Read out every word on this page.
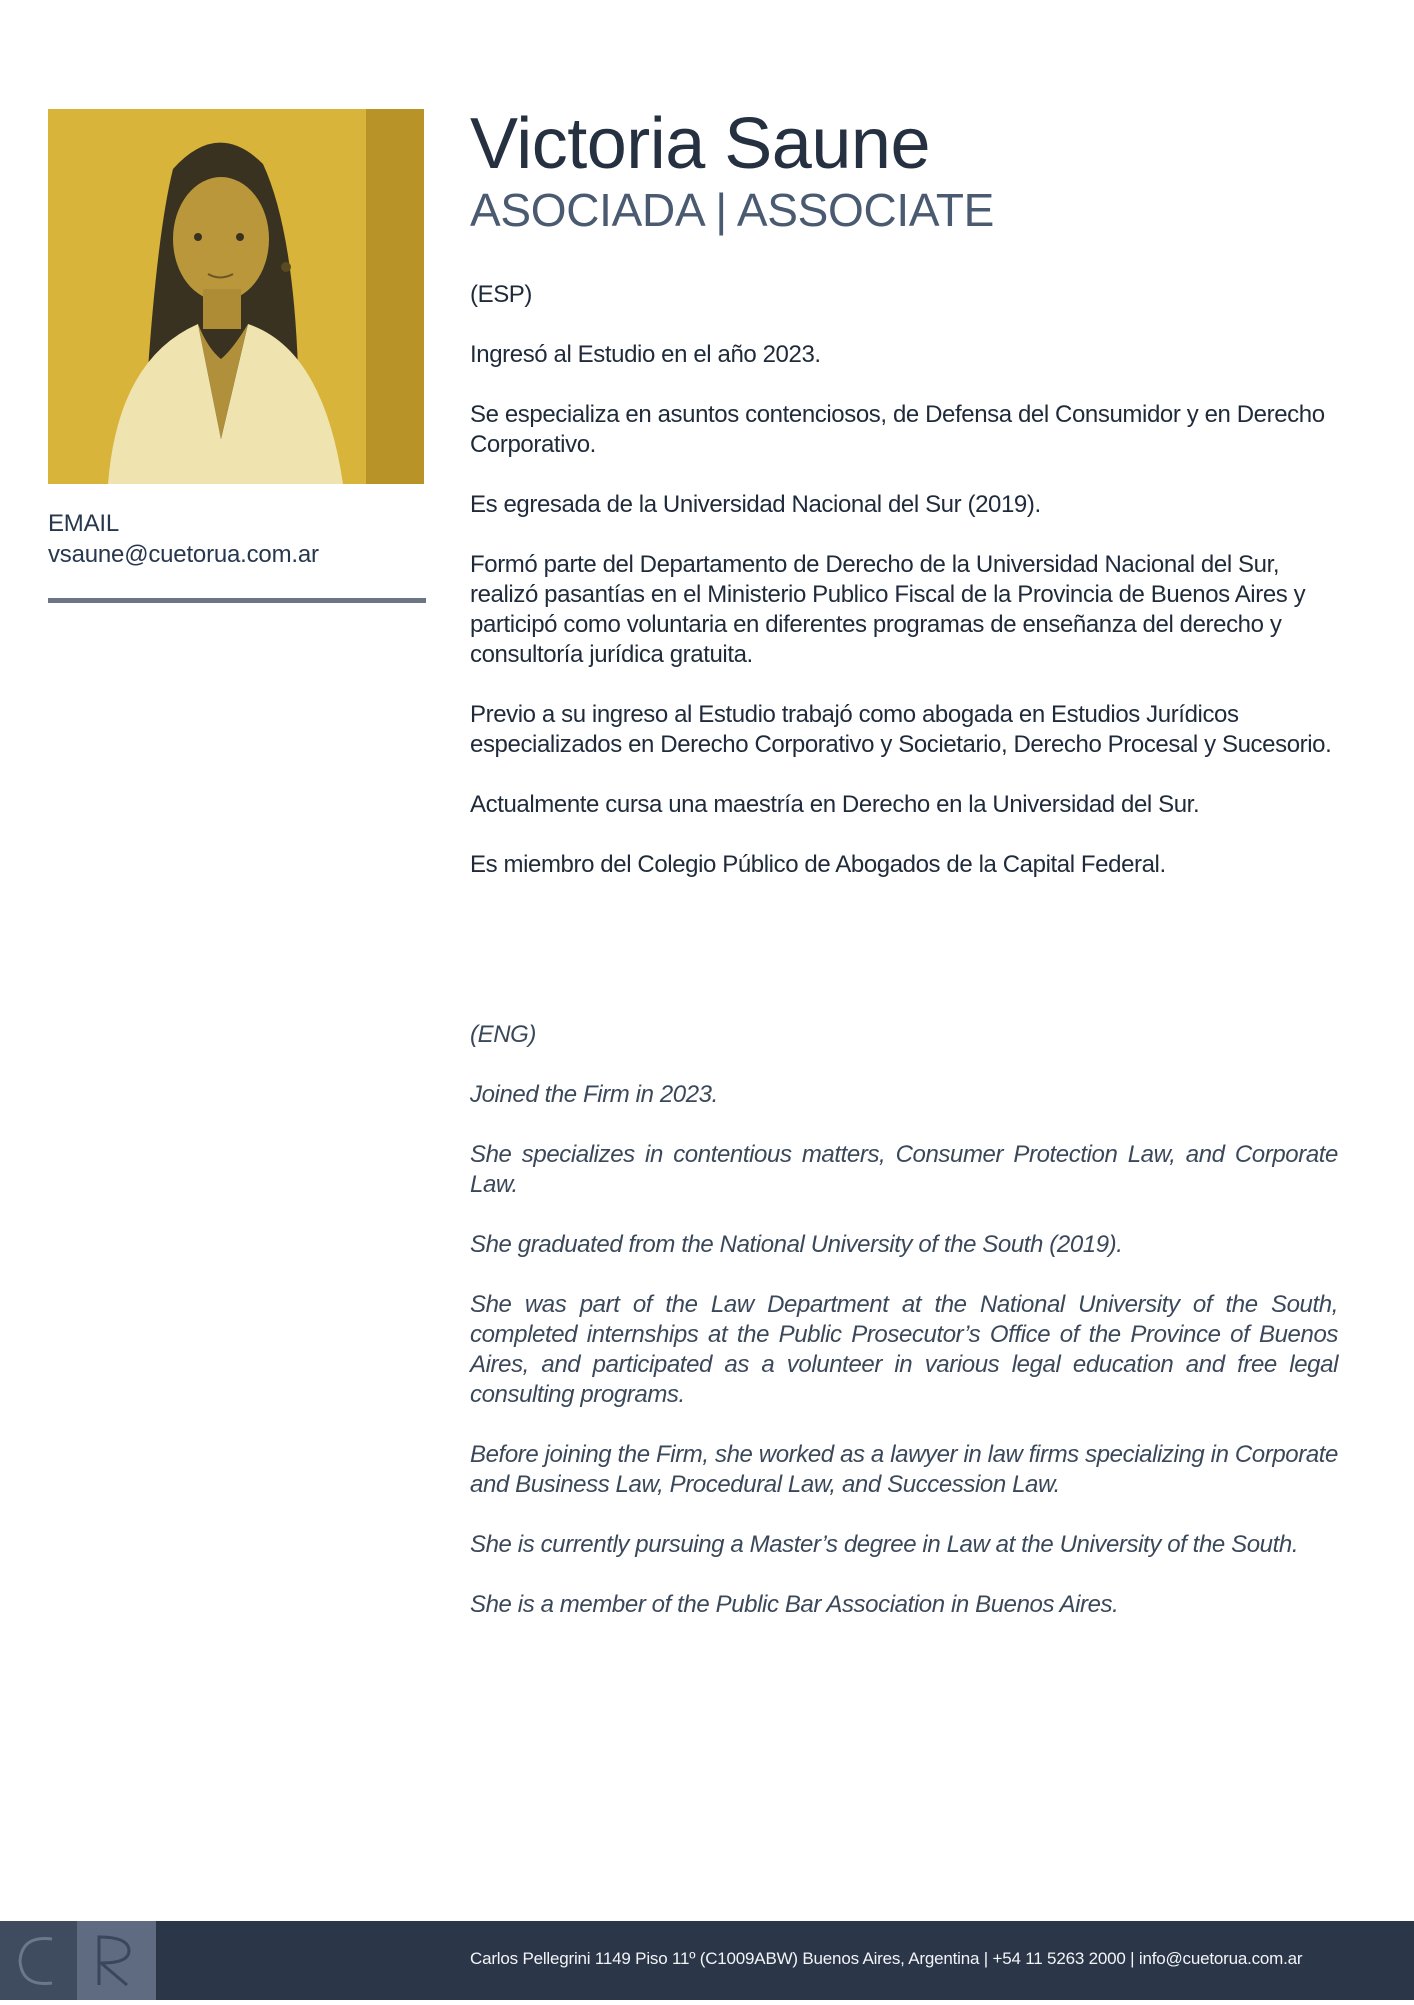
EMAIL
vsaune@cuetorua.com.ar
Victoria Saune
ASOCIADA | ASSOCIATE

(ESP)

Ingresó al Estudio en el año 2023.

Se especializa en asuntos contenciosos, de Defensa del Consumidor y en Derecho Corporativo.

Es egresada de la Universidad Nacional del Sur (2019).

Formó parte del Departamento de Derecho de la Universidad Nacional del Sur, realizó pasantías en el Ministerio Publico Fiscal de la Provincia de Buenos Aires y participó como voluntaria en diferentes programas de enseñanza del derecho y consultoría jurídica gratuita.

Previo a su ingreso al Estudio trabajó como abogada en Estudios Jurídicos especializados en Derecho Corporativo y Societario, Derecho Procesal y Sucesorio.

Actualmente cursa una maestría en Derecho en la Universidad del Sur.

Es miembro del Colegio Público de Abogados de la Capital Federal.

(ENG)

Joined the Firm in 2023.

She specializes in contentious matters, Consumer Protection Law, and Corporate Law.

She graduated from the National University of the South (2019).

She was part of the Law Department at the National University of the South, completed internships at the Public Prosecutor’s Office of the Province of Buenos Aires, and participated as a volunteer in various legal education and free legal consulting programs.

Before joining the Firm, she worked as a lawyer in law firms specializing in Corporate and Business Law, Procedural Law, and Succession Law.

She is currently pursuing a Master’s degree in Law at the University of the South.

She is a member of the Public Bar Association in Buenos Aires.

Carlos Pellegrini 1149 Piso 11º (C1009ABW) Buenos Aires, Argentina | +54 11 5263 2000 | info@cuetorua.com.ar
